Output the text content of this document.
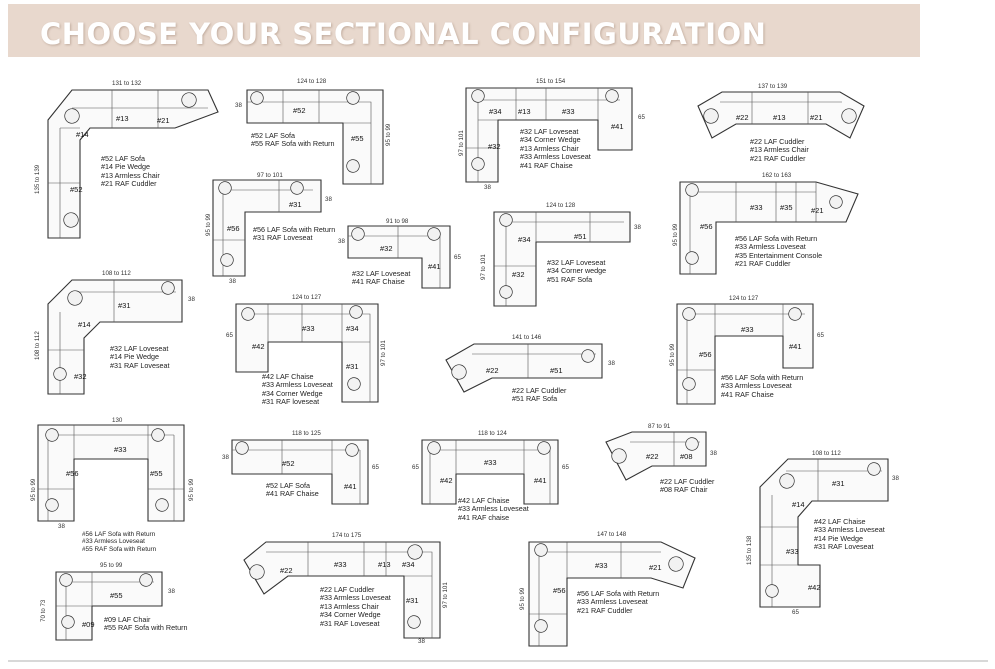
CHOOSE YOUR SECTIONAL CONFIGURATION
131 to 132
135 to 139
#14
#13	#21
#52
#52 LAF Sofa
#14 Pie Wedge
#13 Armless Chair
#21 RAF Cuddler
124 to 128
38
95 to 99
#52
#55
#52 LAF Sofa
#55 RAF Sofa with Return
151 to 154
97 to 101
38
65
#34 #13	#33
#32
#41
#32 LAF Loveseat
#34 Corner Wedge
#13 Armless Chair
#33 Armless Loveseat
#41 RAF Chaise
137 to 139
#22	#13	#21
#22 LAF Cuddler
#13 Armless Chair
#21 RAF Cuddler
97 to 101
95 to 99
38
38
#56
#31
#56 LAF Sofa with Return
#31 RAF Loveseat
91 to 98
38
65
#32
#41
#32 LAF Loveseat
#41 RAF Chaise
124 to 128
97 to 101
38
#34	#51
#32
#32 LAF Loveseat
#34 Corner wedge
#51 RAF Sofa
162 to 163
95 to 99	#56
#33 #35 #21
#56 LAF Sofa with Return
#33 Armless Loveseat
#35 Entertainment Console
#21 RAF Cuddler
108 to 112
108 to 112
38
#14
#31
#32
#32 LAF Loveseat
#14 Pie Wedge
#31 RAF Loveseat
124 to 127
65
97 to 101
#42
#33	#34
#31
#42 LAF Chaise
#33 Armless Loveseat
#34 Corner Wedge
#31 RAF loveseat
141 to 146
38
#22	#51
#22 LAF Cuddler
#51 RAF Sofa
124 to 127
95 to 99
65
#56
#33
#41
#56 LAF Sofa with Return
#33 Armless Loveseat
#41 RAF Chaise
130
95 to 99
38
95 to 99
#33
#56	#55
#56 LAF Sofa with Return
#33 Armless Loveseat
#55 RAF Sofa with Return
118 to 125
38
65
#52
#41
#52 LAF Sofa
#41 RAF Chaise
118 to 124
65	65
#42
#33
#41
#42 LAF Chaise
#33 Armless Loveseat
#41 RAF chaise
87 to 91
38
#22	#08
#22 LAF Cuddler
#08 RAF Chair
108 to 112
135 to 138
65
38
#14
#31
#33
#42
#42 LAF Chaise
#33 Armless Loveseat
#14 Pie Wedge
#31 RAF Loveseat
174 to 175
38
97 to 101
#22
#33	#13 #34
#31
#22 LAF Cuddler
#33 Armless Loveseat
#13 Armless Chair
#34 Corner Wedge
#31 RAF Loveseat
147 to 148
95 to 99	#56
#33	#21
#56 LAF Sofa with Return
#33 Armless Loveseat
#21 RAF Cuddler
95 to 99
70 to 73
38
#55
#09
#09 LAF Chair
#55 RAF Sofa with Return
